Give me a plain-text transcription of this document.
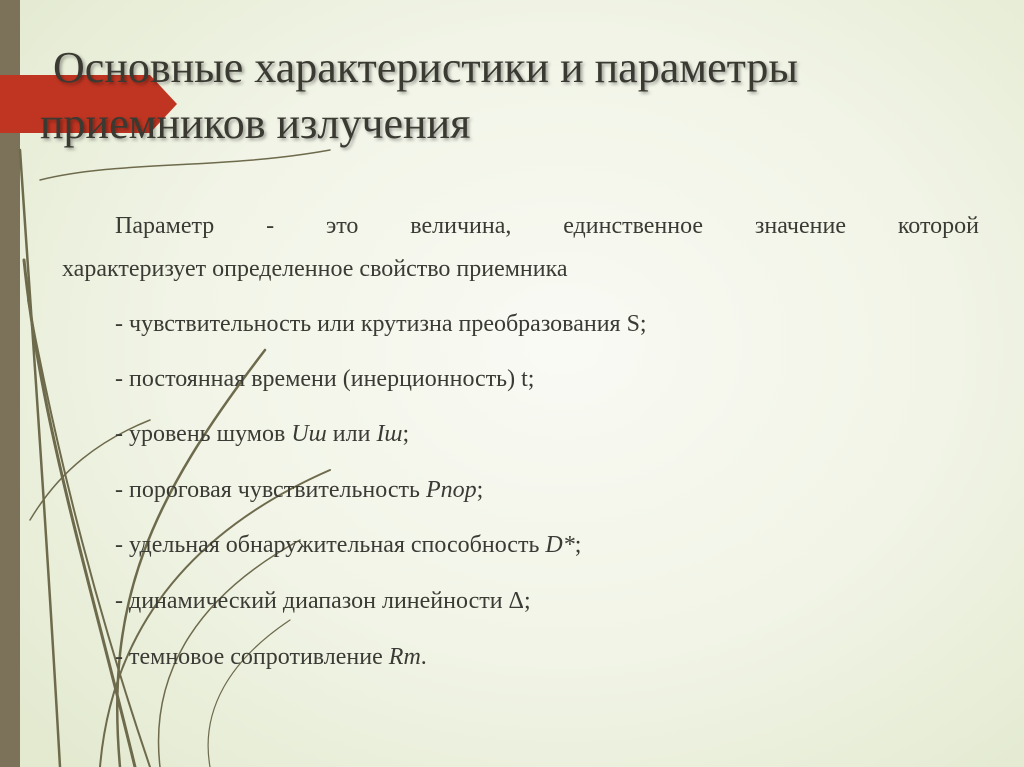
Основные характеристики и параметры
приемников излучения
Параметр - это величина, единственное значение которой
характеризует определенное свойство приемника
- чувствительность или крутизна преобразования S;
- постоянная времени (инерционность) t;
- уровень шумов Uш или Iш;
- пороговая чувствительность Pпор;
- удельная обнаружительная способность D*;
- динамический диапазон линейности Δ;
- темновое сопротивление Rт.
